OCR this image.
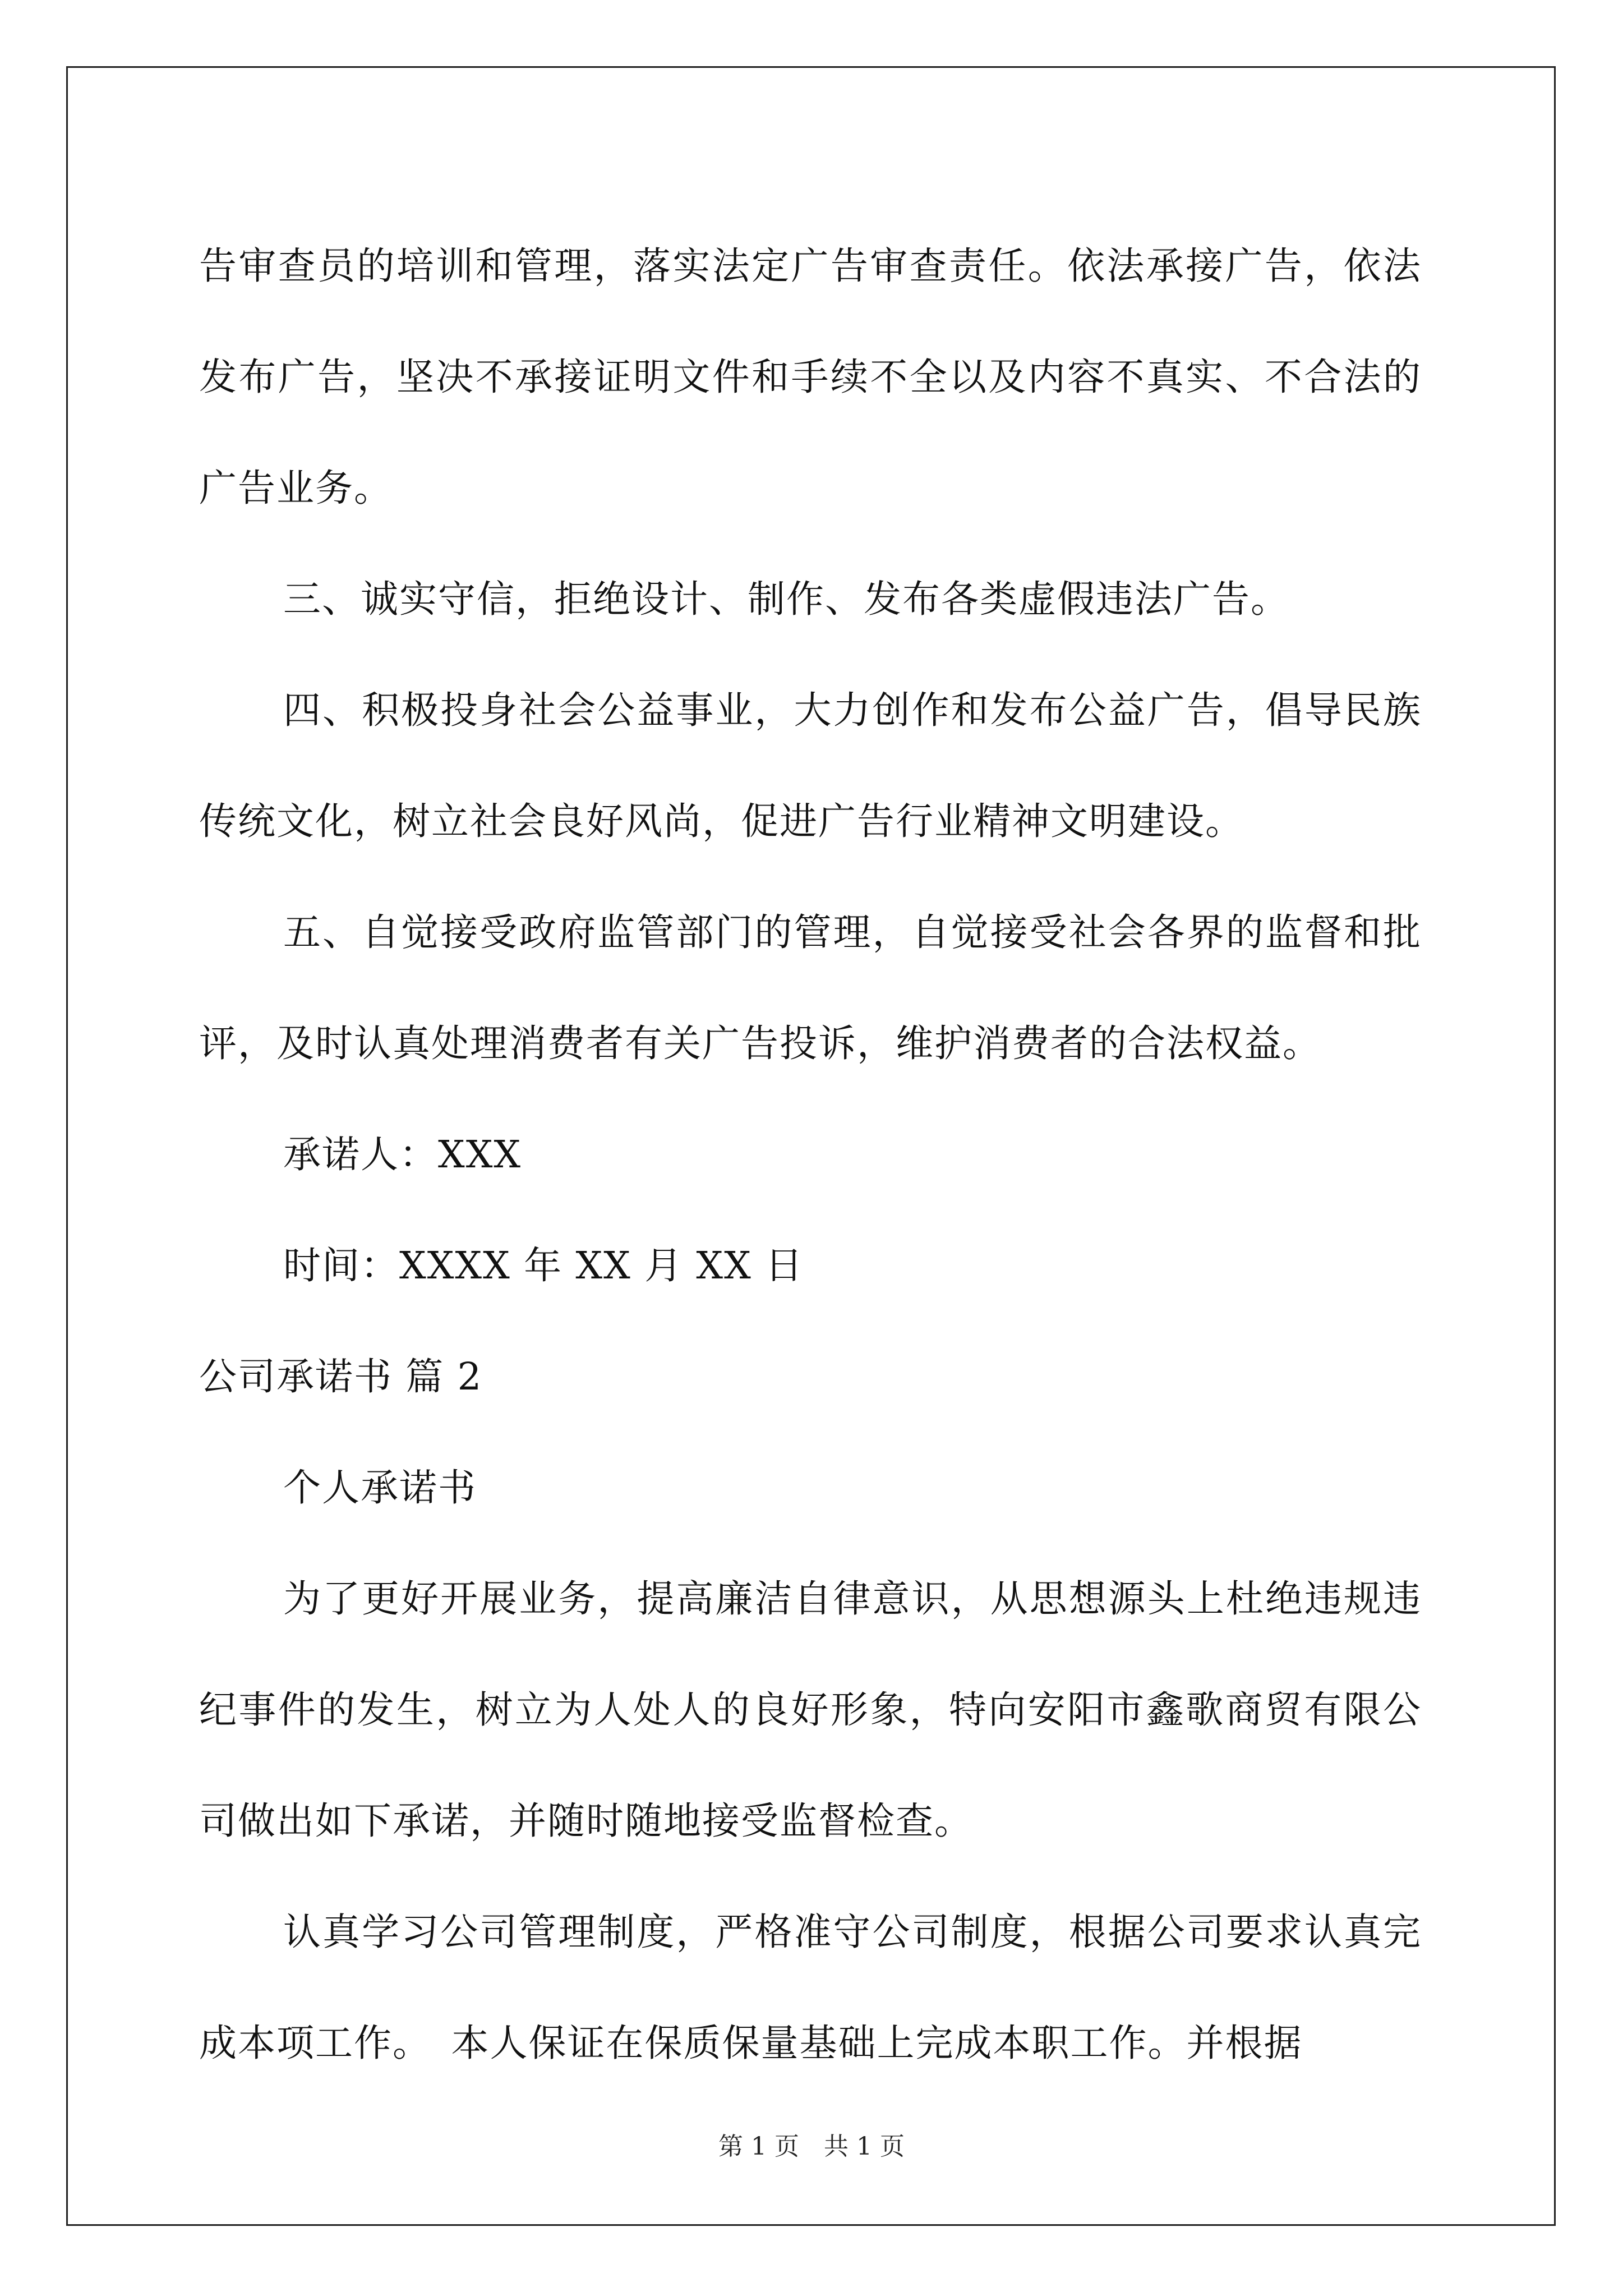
告审查员的培训和管理，落实法定广告审查责任。依法承接广告，依法发布广告，坚决不承接证明文件和手续不全以及内容不真实、不合法的广告业务。

三、诚实守信，拒绝设计、制作、发布各类虚假违法广告。

四、积极投身社会公益事业，大力创作和发布公益广告，倡导民族传统文化，树立社会良好风尚，促进广告行业精神文明建设。

五、自觉接受政府监管部门的管理，自觉接受社会各界的监督和批评，及时认真处理消费者有关广告投诉，维护消费者的合法权益。

承诺人：XXX

时间：XXXX 年 XX 月 XX 日

公司承诺书 篇 2

个人承诺书

为了更好开展业务，提高廉洁自律意识，从思想源头上杜绝违规违纪事件的发生，树立为人处人的良好形象，特向安阳市鑫歌商贸有限公司做出如下承诺，并随时随地接受监督检查。

认真学习公司管理制度，严格准守公司制度，根据公司要求认真完成本项工作。　本人保证在保质保量基础上完成本职工作。并根据

第 1 页　共 1 页
